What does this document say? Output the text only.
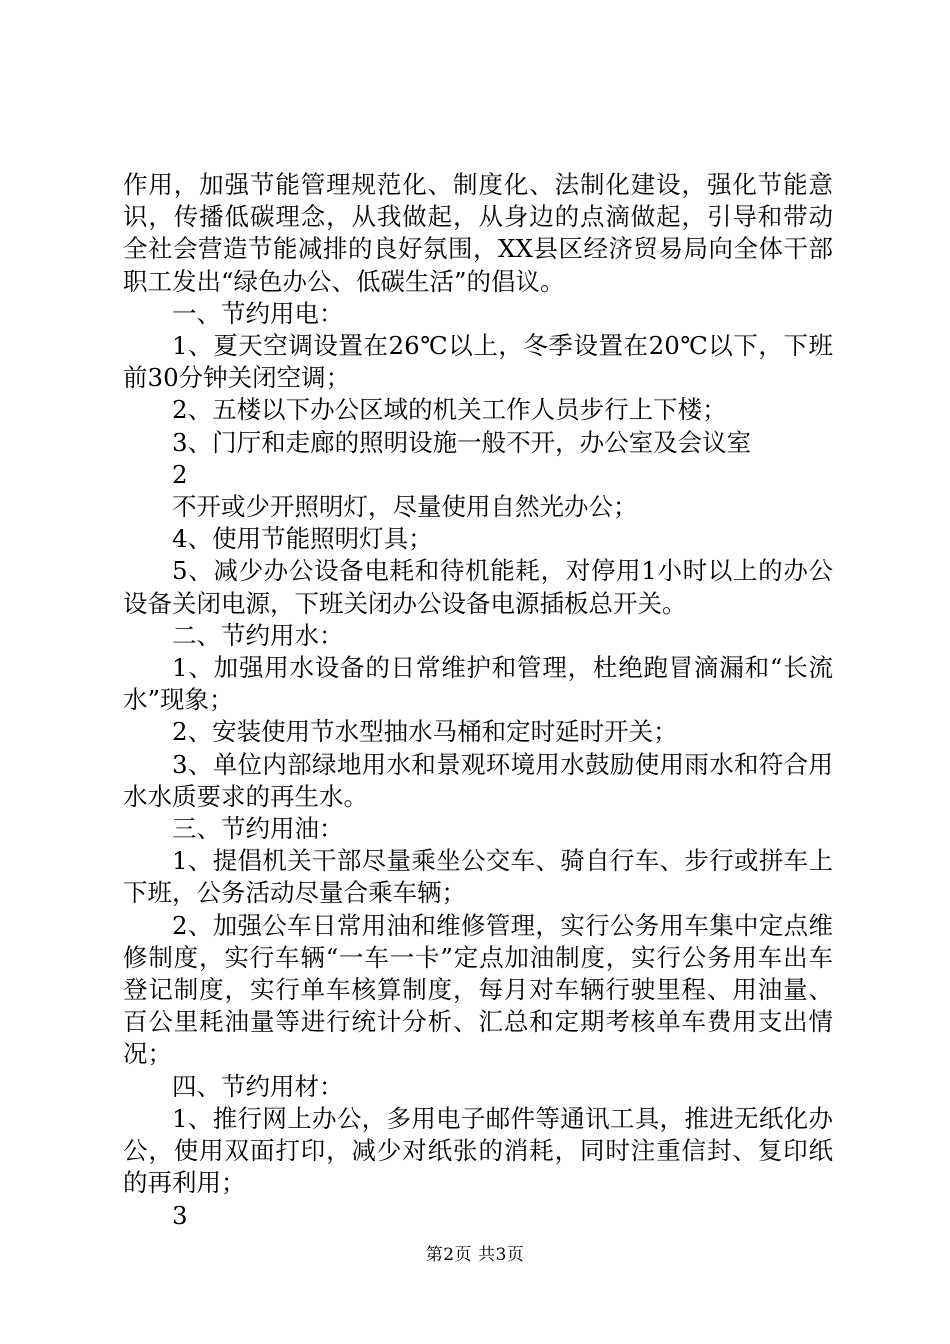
作用，加强节能管理规范化、制度化、法制化建设，强化节能意识，传播低碳理念，从我做起，从身边的点滴做起，引导和带动全社会营造节能减排的良好氛围，XX县区经济贸易局向全体干部职工发出“绿色办公、低碳生活”的倡议。

一、节约用电：

1、夏天空调设置在26℃以上，冬季设置在20℃以下，下班前30分钟关闭空调；

2、五楼以下办公区域的机关工作人员步行上下楼；

3、门厅和走廊的照明设施一般不开，办公室及会议室

2

不开或少开照明灯，尽量使用自然光办公；

4、使用节能照明灯具；

5、减少办公设备电耗和待机能耗，对停用1小时以上的办公设备关闭电源，下班关闭办公设备电源插板总开关。

二、节约用水：

1、加强用水设备的日常维护和管理，杜绝跑冒滴漏和“长流水”现象；

2、安装使用节水型抽水马桶和定时延时开关；

3、单位内部绿地用水和景观环境用水鼓励使用雨水和符合用水水质要求的再生水。

三、节约用油：

1、提倡机关干部尽量乘坐公交车、骑自行车、步行或拼车上下班，公务活动尽量合乘车辆；

2、加强公车日常用油和维修管理，实行公务用车集中定点维修制度，实行车辆“一车一卡”定点加油制度，实行公务用车出车登记制度，实行单车核算制度，每月对车辆行驶里程、用油量、百公里耗油量等进行统计分析、汇总和定期考核单车费用支出情况；

四、节约用材：

1、推行网上办公，多用电子邮件等通讯工具，推进无纸化办公，使用双面打印，减少对纸张的消耗，同时注重信封、复印纸的再利用；

3

第2页 共3页
